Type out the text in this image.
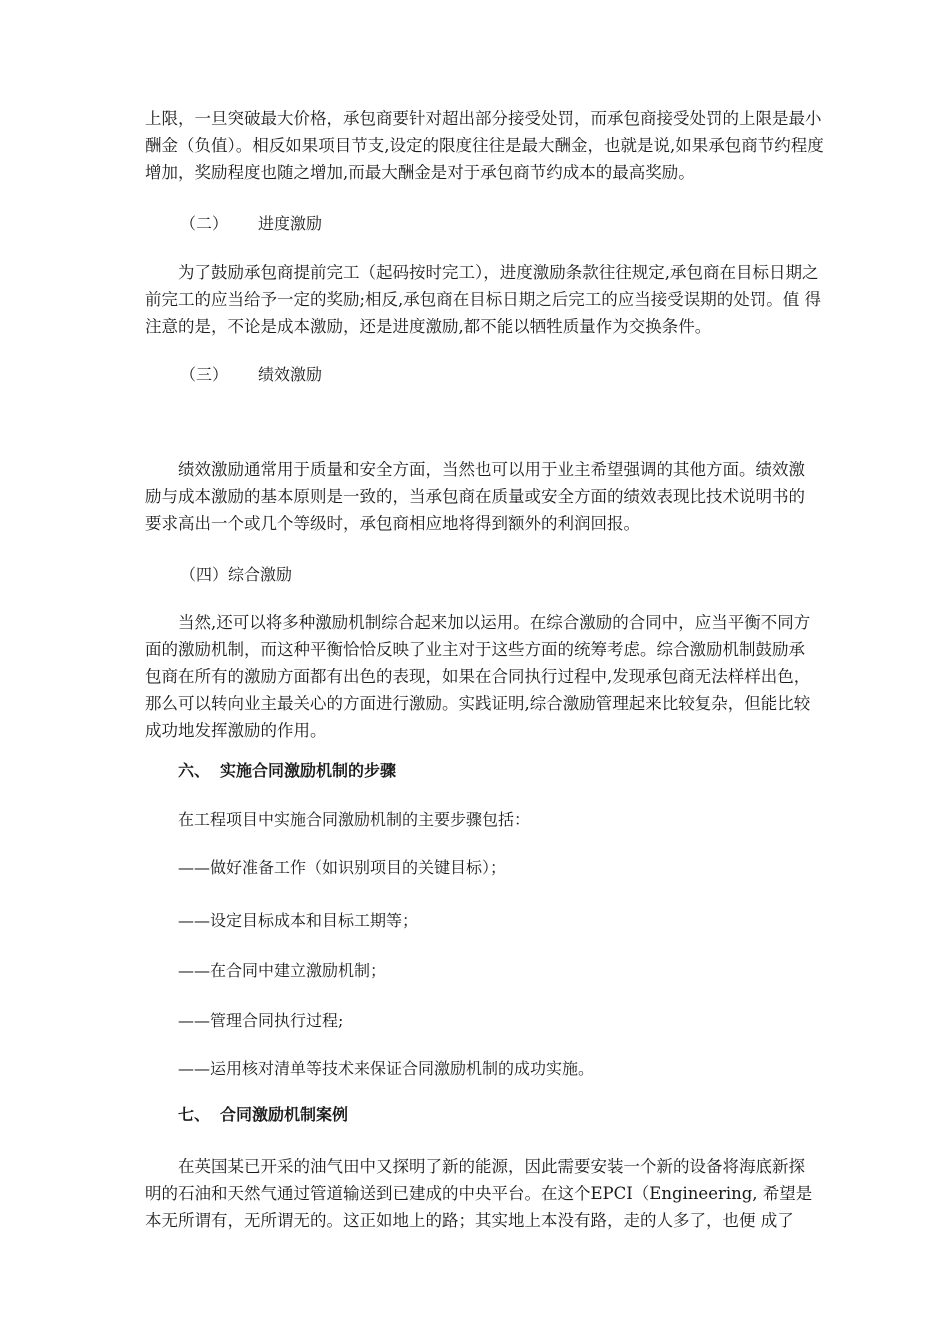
上限，一旦突破最大价格，承包商要针对超出部分接受处罚，而承包商接受处罚的上限是最小 酬金（负值）。相反如果项目节支,设定的限度往往是最大酬金，也就是说,如果承包商节约程度 增加，奖励程度也随之增加,而最大酬金是对于承包商节约成本的最高奖励。

（二） 进度激励

为了鼓励承包商提前完工（起码按时完工），进度激励条款往往规定,承包商在目标日期之 前完工的应当给予一定的奖励;相反,承包商在目标日期之后完工的应当接受误期的处罚。值 得注意的是，不论是成本激励，还是进度激励,都不能以牺牲质量作为交换条件。

（三） 绩效激励

绩效激励通常用于质量和安全方面，当然也可以用于业主希望强调的其他方面。绩效激 励与成本激励的基本原则是一致的，当承包商在质量或安全方面的绩效表现比技术说明书的 要求高出一个或几个等级时，承包商相应地将得到额外的利润回报。

（四）综合激励

当然,还可以将多种激励机制综合起来加以运用。在综合激励的合同中，应当平衡不同方 面的激励机制，而这种平衡恰恰反映了业主对于这些方面的统筹考虑。综合激励机制鼓励承 包商在所有的激励方面都有出色的表现，如果在合同执行过程中,发现承包商无法样样出色， 那么可以转向业主最关心的方面进行激励。实践证明,综合激励管理起来比较复杂，但能比较 成功地发挥激励的作用。

六、 实施合同激励机制的步骤

在工程项目中实施合同激励机制的主要步骤包括：

——做好准备工作（如识别项目的关键目标）；

——设定目标成本和目标工期等；

——在合同中建立激励机制；

——管理合同执行过程;

——运用核对清单等技术来保证合同激励机制的成功实施。

七、 合同激励机制案例

在英国某已开采的油气田中又探明了新的能源，因此需要安装一个新的设备将海底新探 明的石油和天然气通过管道输送到已建成的中央平台。在这个EPCI（Engineering, 希望是本无所谓有，无所谓无的。这正如地上的路；其实地上本没有路，走的人多了，也便 成了
